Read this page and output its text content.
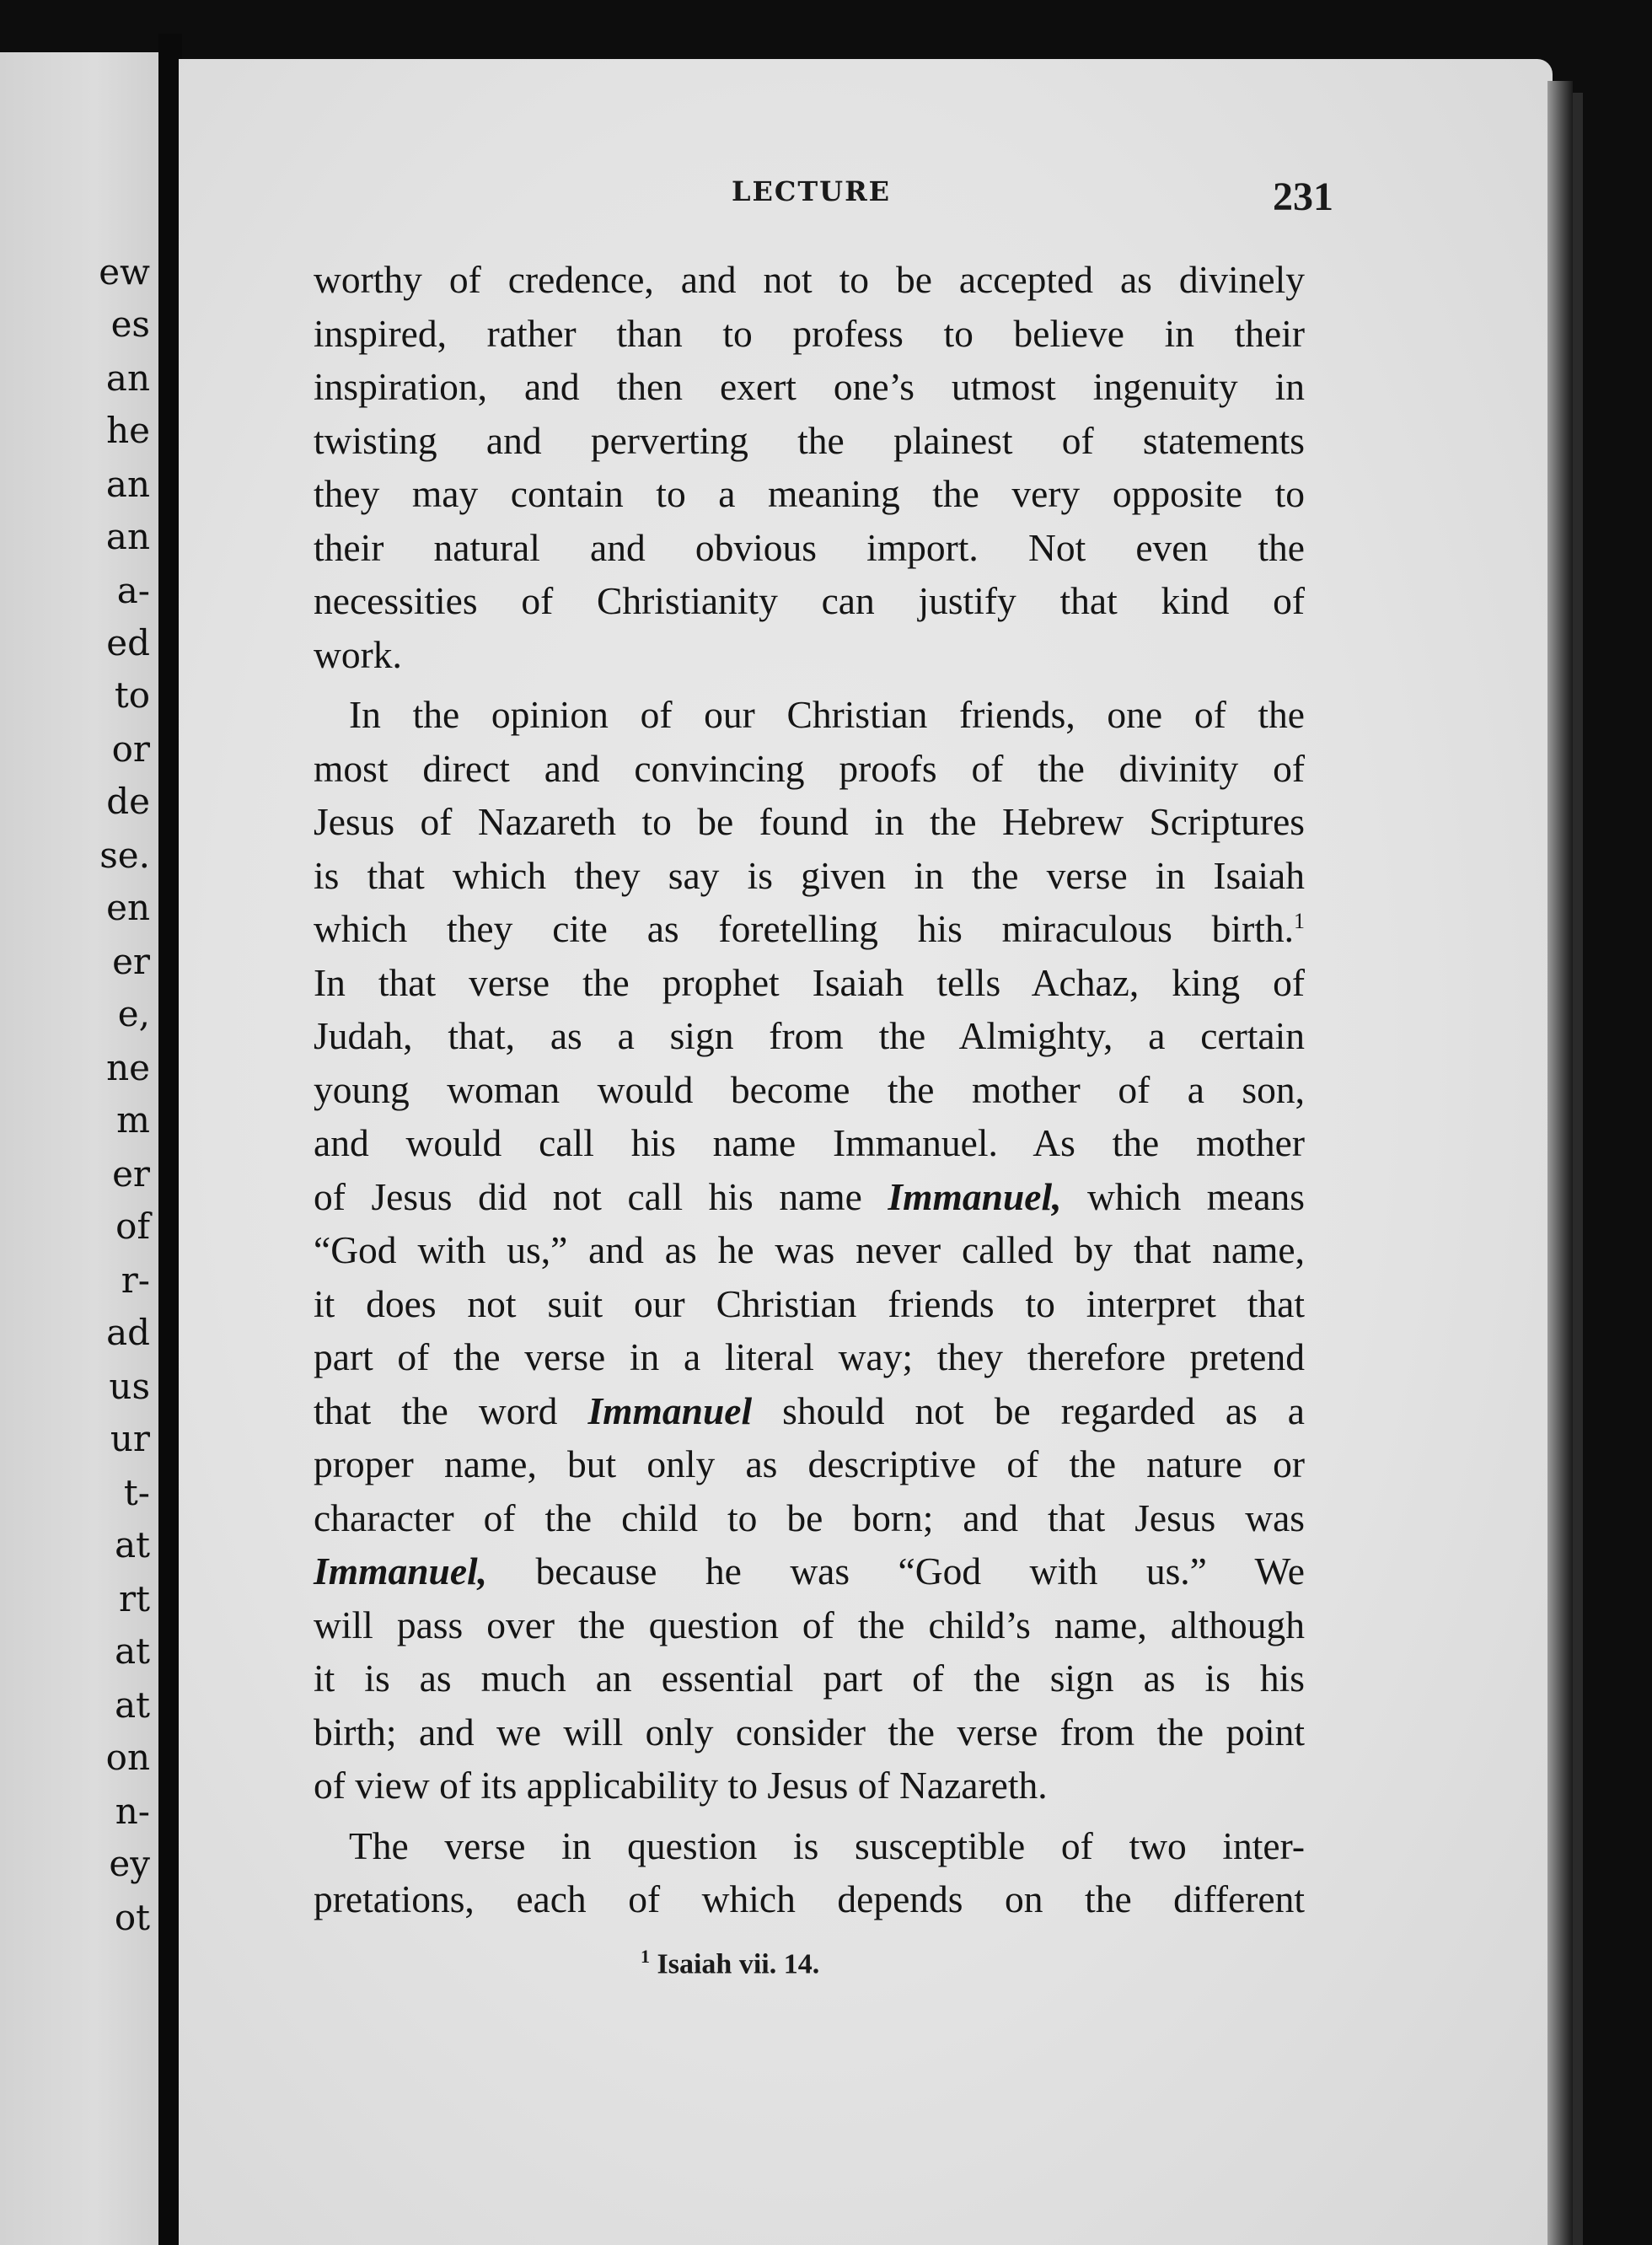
ew
es
an
he
an
an
a-
ed
to
or
de
se.
en
er
e,
ne
m
er
of
r-
ad
us
ur
t-
at
rt
at
at
on
n-
ey
ot
LECTURE	231
worthy of credence, and not to be accepted as divinely
inspired, rather than to profess to believe in their
inspiration, and then exert one’s utmost ingenuity in
twisting and perverting the plainest of statements
they may contain to a meaning the very opposite to
their natural and obvious import. Not even the
necessities of Christianity can justify that kind of
work.
In the opinion of our Christian friends, one of the
most direct and convincing proofs of the divinity of
Jesus of Nazareth to be found in the Hebrew Scriptures
is that which they say is given in the verse in Isaiah
which they cite as foretelling his miraculous birth.$^1$
In that verse the prophet Isaiah tells Achaz, king of
Judah, that, as a sign from the Almighty, a certain
young woman would become the mother of a son,
and would call his name Immanuel. As the mother
of Jesus did not call his name Immanuel, which means
“God with us,” and as he was never called by that name,
it does not suit our Christian friends to interpret that
part of the verse in a literal way; they therefore pretend
that the word Immanuel should not be regarded as a
proper name, but only as descriptive of the nature or
character of the child to be born; and that Jesus was
Immanuel, because he was “God with us.” We
will pass over the question of the child’s name, although
it is as much an essential part of the sign as is his
birth; and we will only consider the verse from the point
of view of its applicability to Jesus of Nazareth.
The verse in question is susceptible of two inter-
pretations, each of which depends on the different
$^1$ Isaiah vii. 14.
